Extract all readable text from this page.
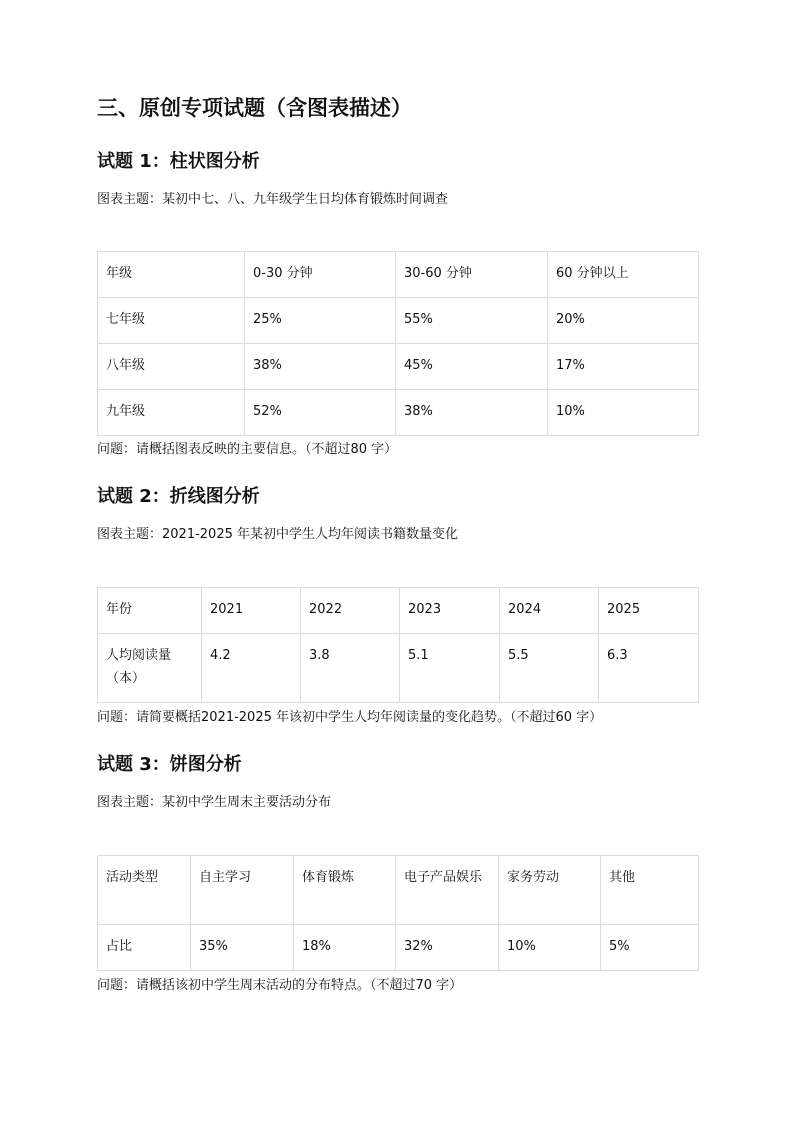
三、原创专项试题（含图表描述）
试题 1：柱状图分析

图表主题：某初中七、八、九年级学生日均体育锻炼时间调查

年级	0-30 分钟	30-60 分钟	60 分钟以上
七年级	25%	55%	20%
八年级	38%	45%	17%
九年级	52%	38%	10%

问题：请概括图表反映的主要信息。（不超过80 字）

试题 2：折线图分析

图表主题：2021-2025 年某初中学生人均年阅读书籍数量变化

年份	2021	2022	2023	2024	2025
人均阅读量（本）	4.2	3.8	5.1	5.5	6.3

问题：请简要概括2021-2025 年该初中学生人均年阅读量的变化趋势。（不超过60 字）

试题 3：饼图分析

图表主题：某初中学生周末主要活动分布

活动类型	自主学习	体育锻炼	电子产品娱乐	家务劳动	其他
占比	35%	18%	32%	10%	5%

问题：请概括该初中学生周末活动的分布特点。（不超过70 字）
